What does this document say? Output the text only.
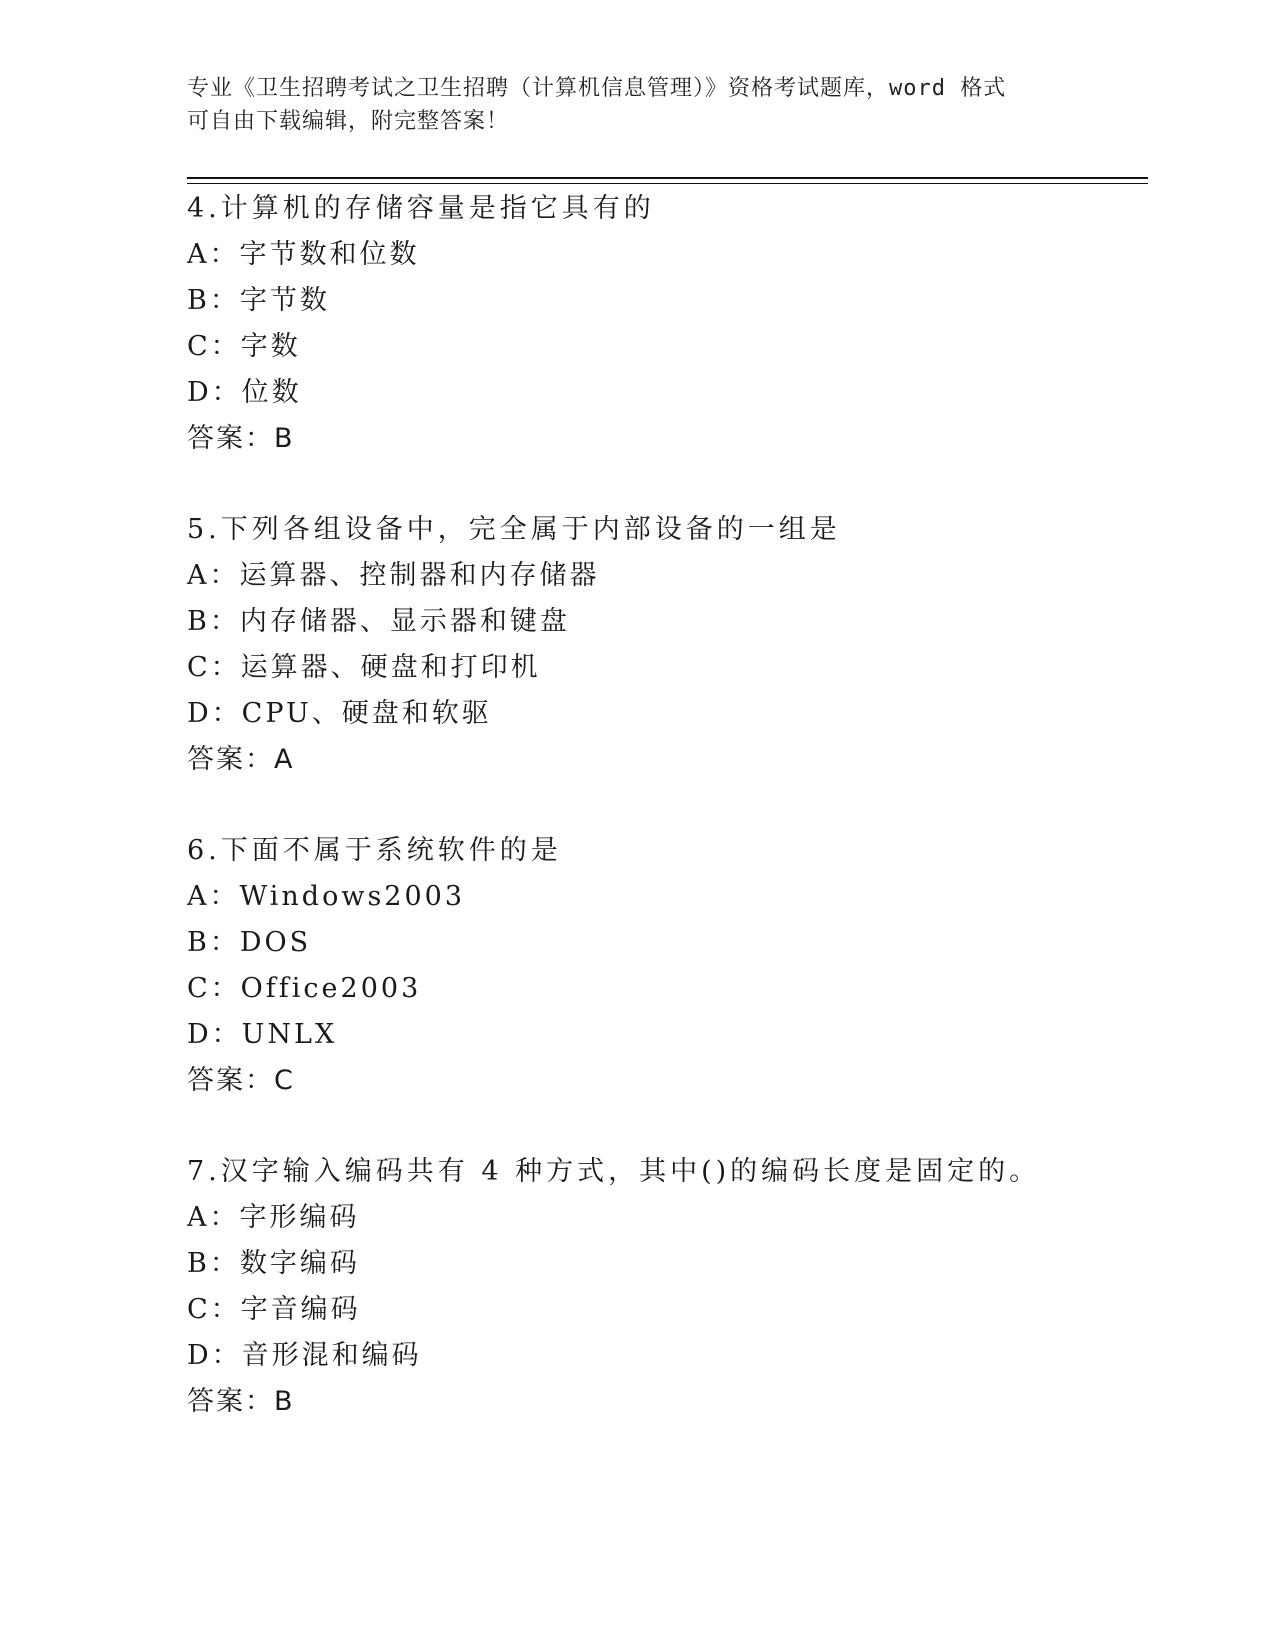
专业《卫生招聘考试之卫生招聘（计算机信息管理）》资格考试题库，word 格式
可自由下载编辑，附完整答案！
4.计算机的存储容量是指它具有的
A：字节数和位数
B：字节数
C：字数
D：位数
答案：B
5.下列各组设备中，完全属于内部设备的一组是
A：运算器、控制器和内存储器
B：内存储器、显示器和键盘
C：运算器、硬盘和打印机
D：CPU、硬盘和软驱
答案：A
6.下面不属于系统软件的是
A：Windows2003
B：DOS
C：Office2003
D：UNLX
答案：C
7.汉字输入编码共有 4 种方式，其中()的编码长度是固定的。
A：字形编码
B：数字编码
C：字音编码
D：音形混和编码
答案：B
